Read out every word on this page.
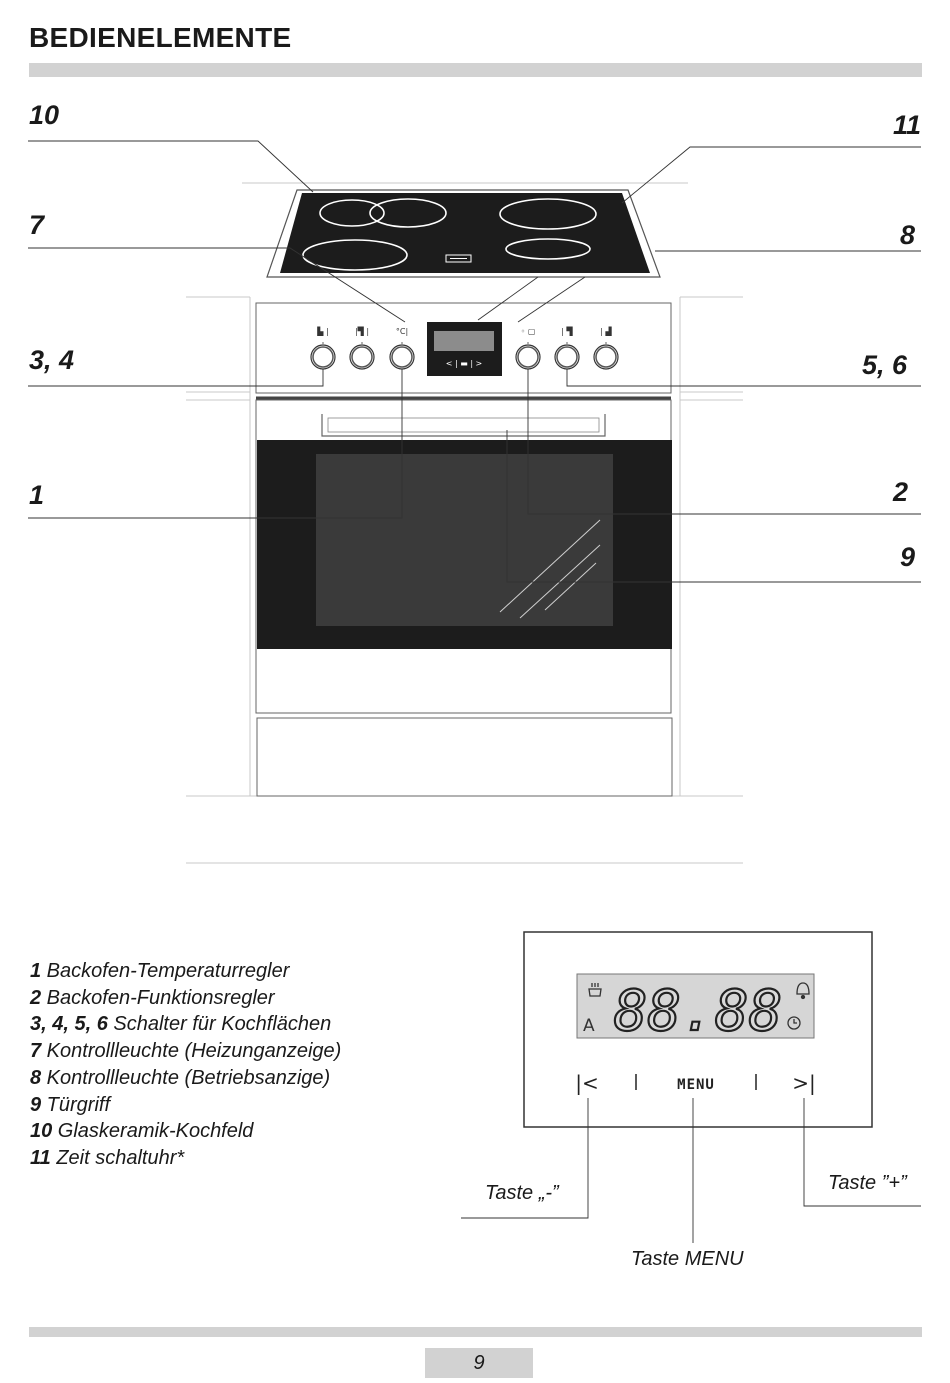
BEDIENELEMENTE
< | ▬ | >
▙ |	|▜ |	°C|	◦ ▢	| ▜	| ▟
10	11
7	8
3, 4	5, 6
1	2
9
1 Backofen-Temperaturregler
2 Backofen-Funktionsregler
3, 4, 5, 6 Schalter für Kochflächen
7 Kontrollleuchte (Heizunganzeige)
8 Kontrollleuchte (Betriebsanzige)
9 Türgriff
10 Glaskeramik-Kochfeld
11 Zeit schaltuhr*
88.88
A
|<	MENU	>|
Taste „-”	Taste ”+”
Taste MENU
9
